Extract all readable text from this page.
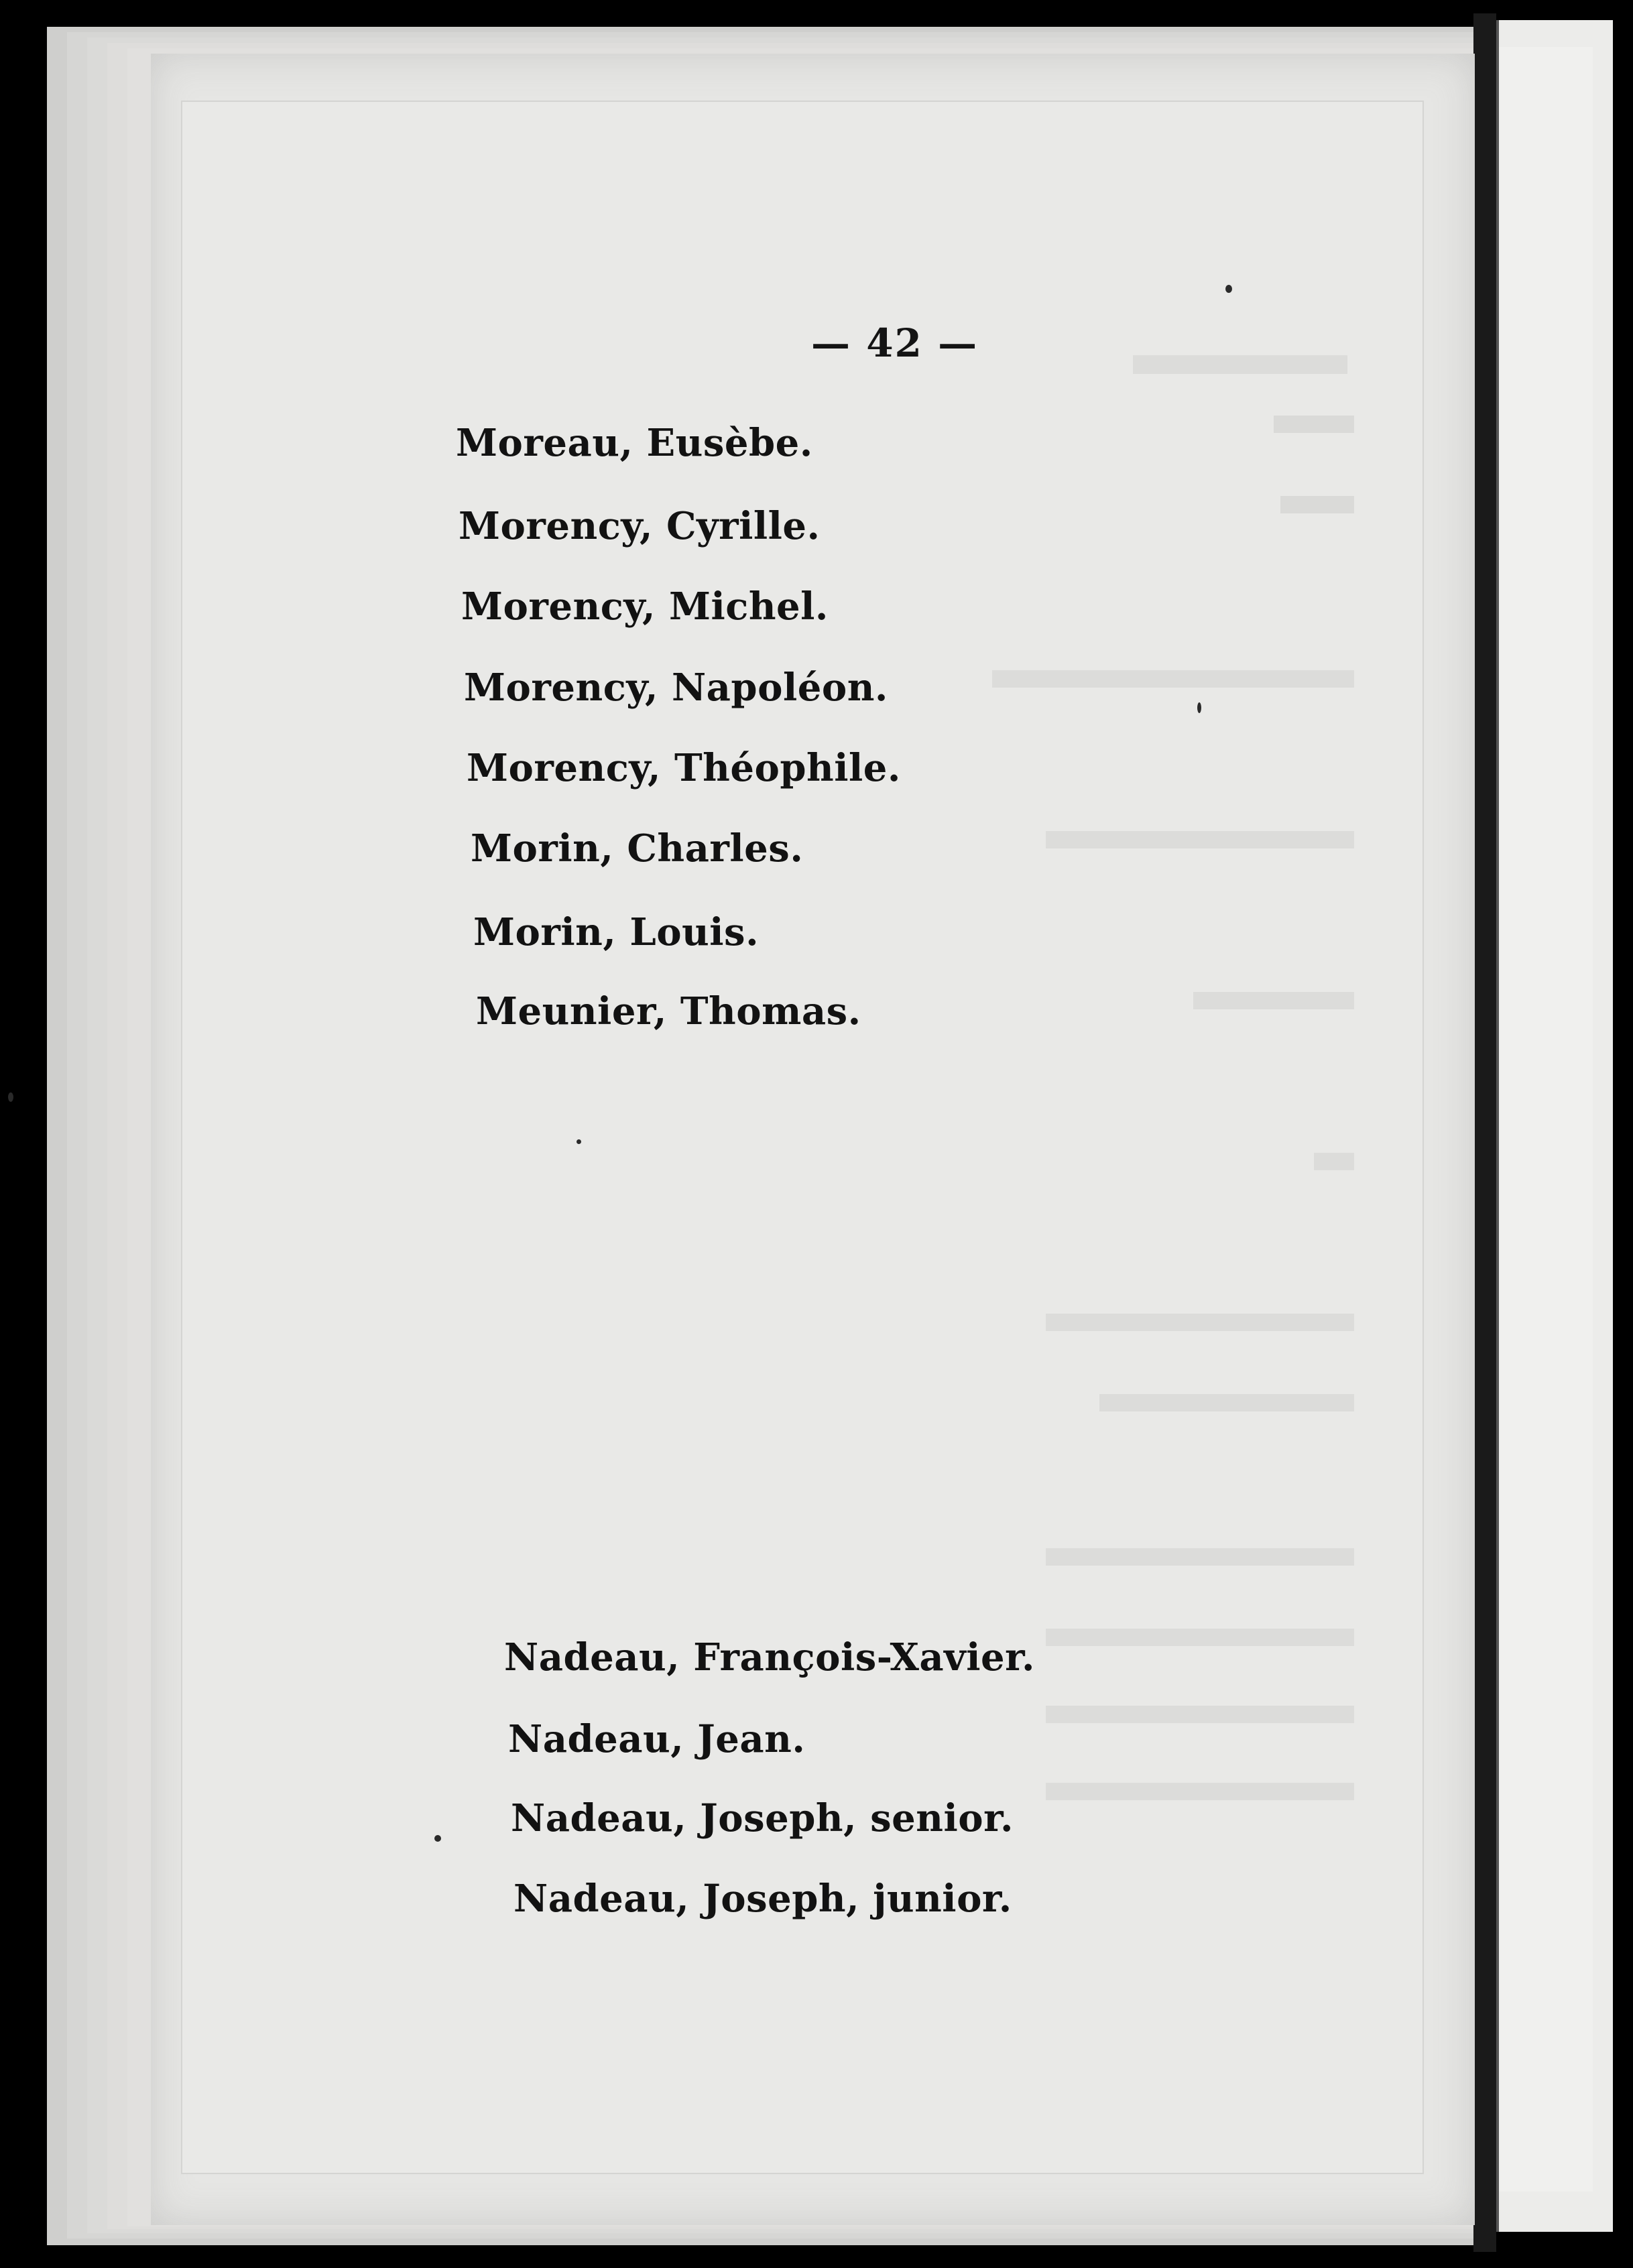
— 42 —
Moreau, Eusèbe.
Morency, Cyrille.
Morency, Michel.
Morency, Napoléon.
Morency, Théophile.
Morin, Charles.
Morin, Louis.
Meunier, Thomas.
Nadeau, François-Xavier.
Nadeau, Jean.
Nadeau, Joseph, senior.
Nadeau, Joseph, junior.
